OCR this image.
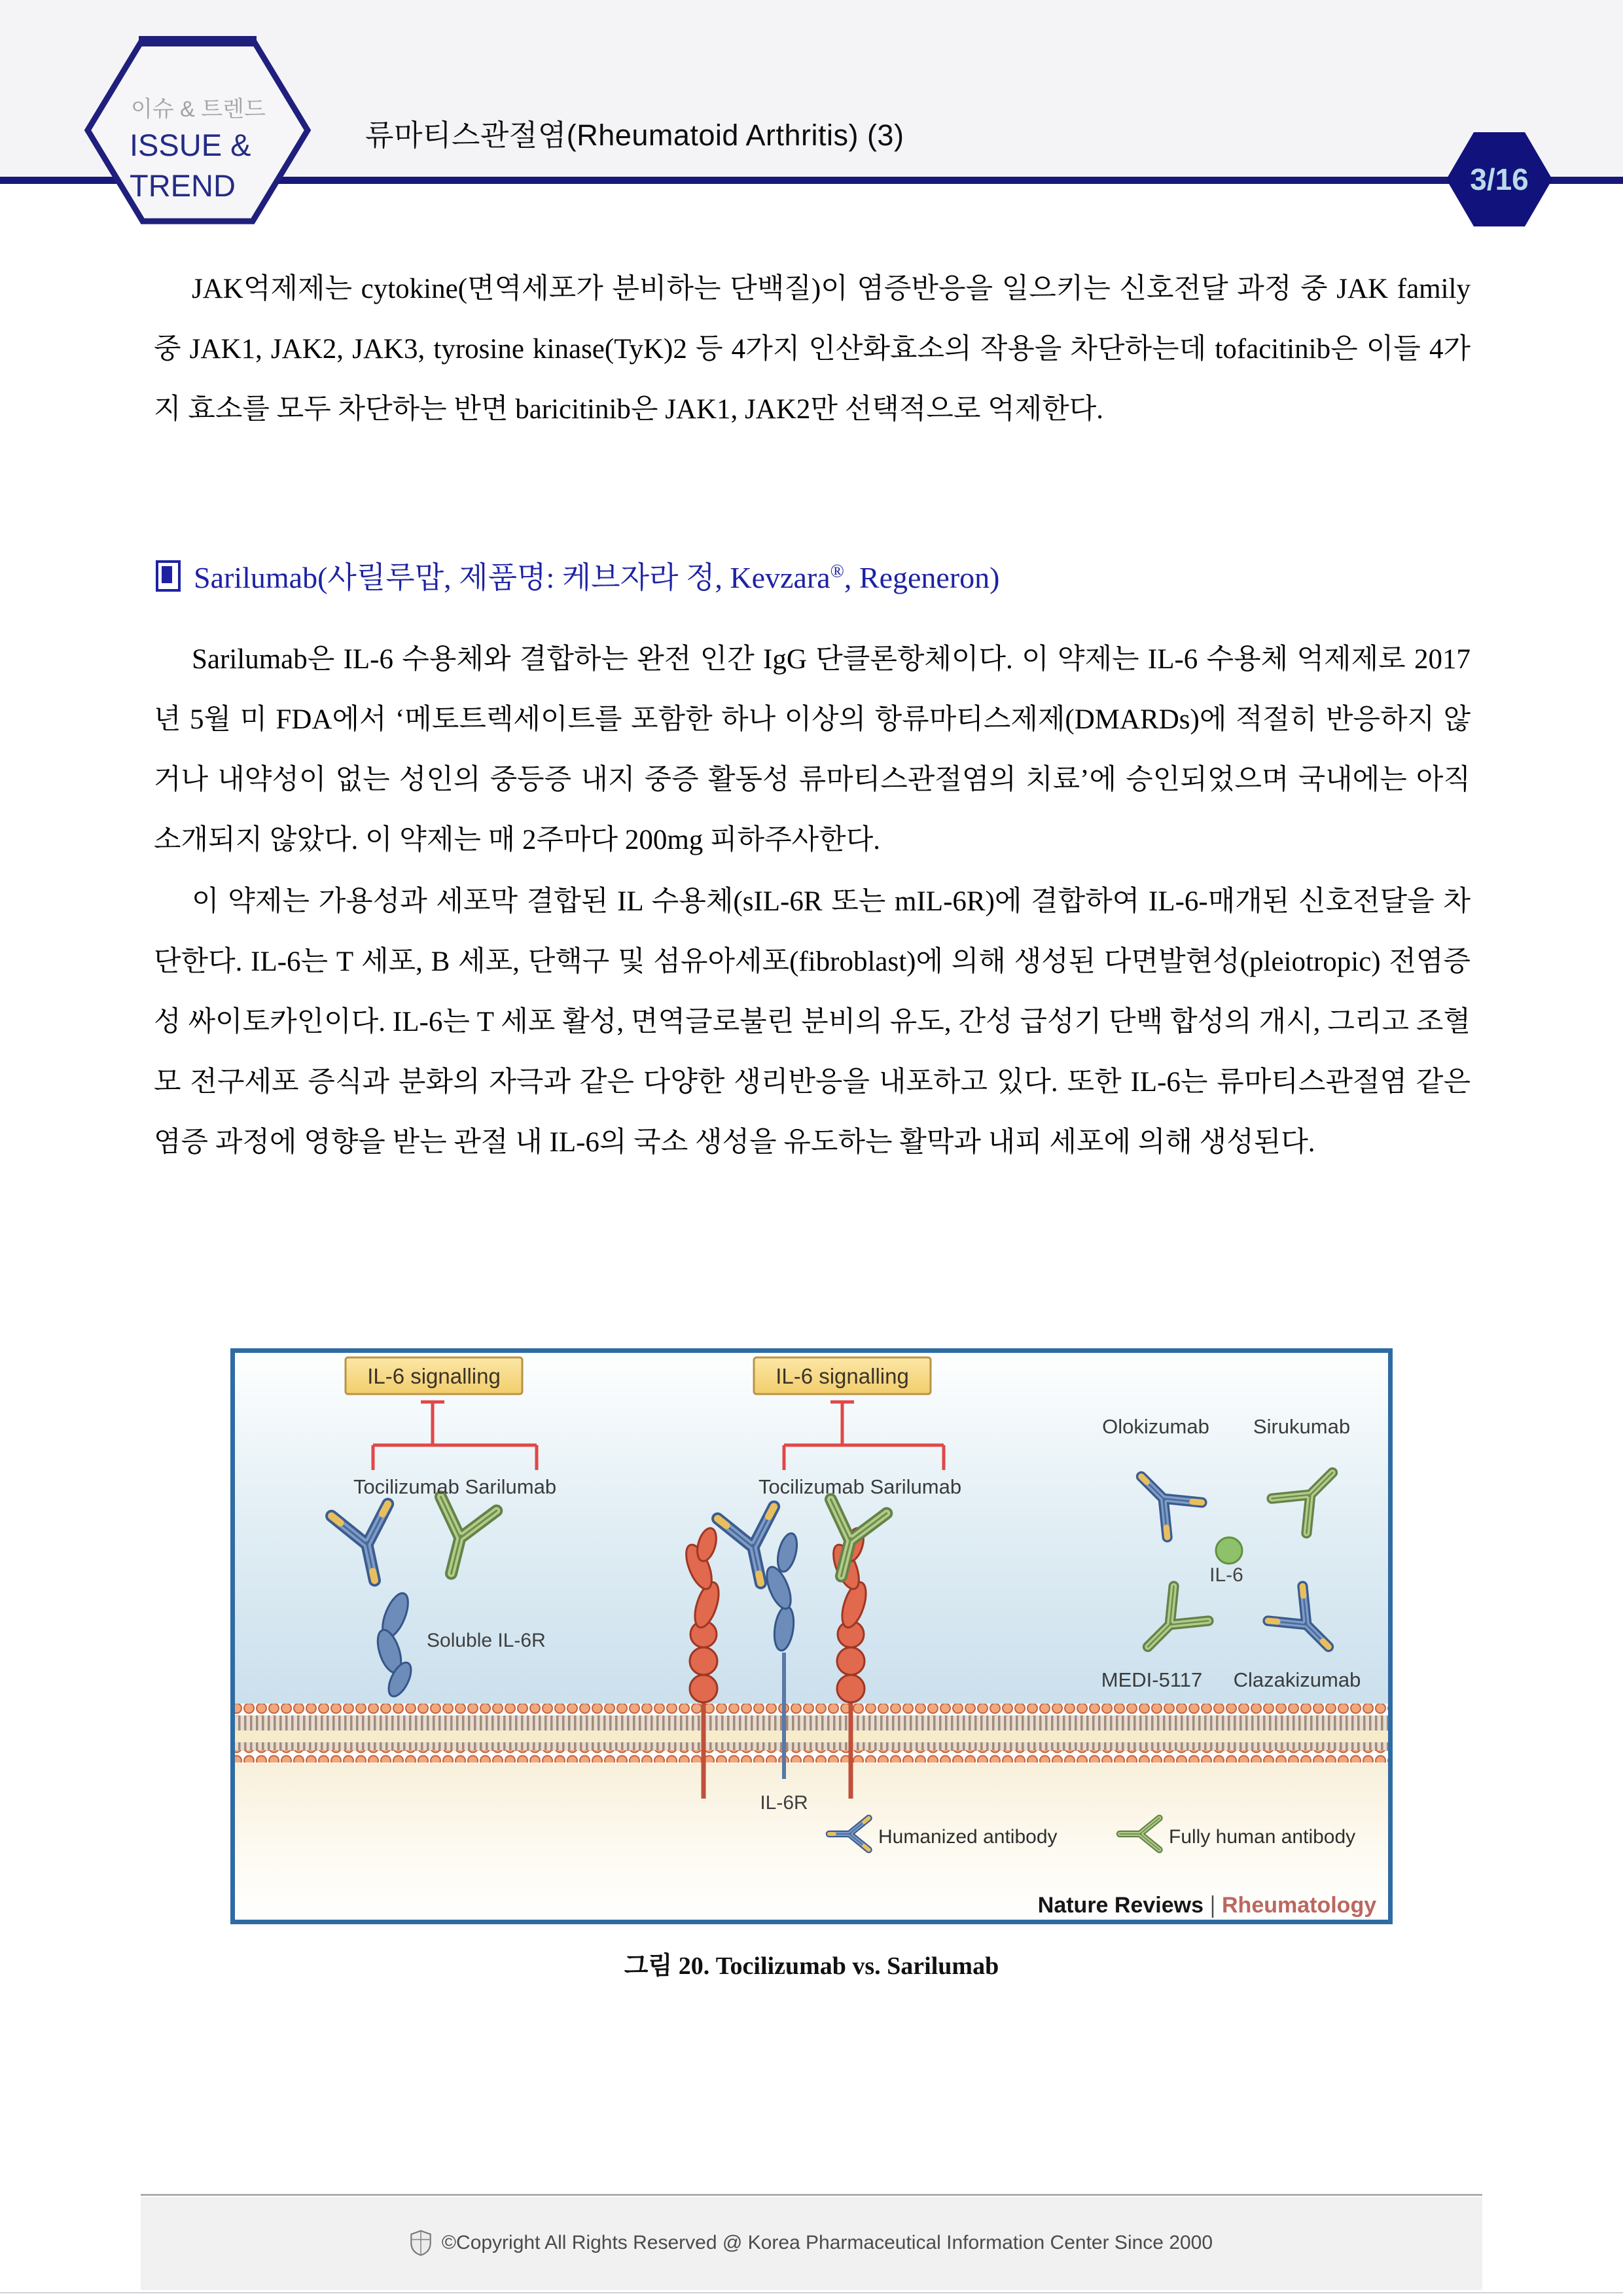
이슈 & 트렌드
ISSUE &
TREND
류마티스관절염(Rheumatoid Arthritis) (3)
3/16
JAK억제제는 cytokine(면역세포가 분비하는 단백질)이 염증반응을 일으키는 신호전달 과정 중 JAK family 중 JAK1, JAK2, JAK3, tyrosine kinase(TyK)2 등 4가지 인산화효소의 작용을 차단하는데 tofacitinib은 이들 4가지 효소를 모두 차단하는 반면 baricitinib은 JAK1, JAK2만 선택적으로 억제한다.
Sarilumab(사릴루맙, 제품명: 케브자라 정, Kevzara®, Regeneron)
Sarilumab은 IL-6 수용체와 결합하는 완전 인간 IgG 단클론항체이다. 이 약제는 IL-6 수용체 억제제로 2017년 5월 미 FDA에서 ‘메토트렉세이트를 포함한 하나 이상의 항류마티스제제(DMARDs)에 적절히 반응하지 않거나 내약성이 없는 성인의 중등증 내지 중증 활동성 류마티스관절염의 치료’에 승인되었으며 국내에는 아직 소개되지 않았다. 이 약제는 매 2주마다 200mg 피하주사한다.
이 약제는 가용성과 세포막 결합된 IL 수용체(sIL-6R 또는 mIL-6R)에 결합하여 IL-6-매개된 신호전달을 차단한다. IL-6는 T 세포, B 세포, 단핵구 및 섬유아세포(fibroblast)에 의해 생성된 다면발현성(pleiotropic) 전염증성 싸이토카인이다. IL-6는 T 세포 활성, 면역글로불린 분비의 유도, 간성 급성기 단백 합성의 개시, 그리고 조혈모 전구세포 증식과 분화의 자극과 같은 다양한 생리반응을 내포하고 있다. 또한 IL-6는 류마티스관절염 같은 염증 과정에 영향을 받는 관절 내 IL-6의 국소 생성을 유도하는 활막과 내피 세포에 의해 생성된다.
IL-6 signalling	IL-6 signalling
Tocilizumab Sarilumab	Tocilizumab Sarilumab
Olokizumab Sirukumab
IL-6
MEDI-5117 Clazakizumab
Soluble IL-6R
IL-6R
Humanized antibody	Fully human antibody
Nature Reviews Rheumatology
그림 20. Tocilizumab vs. Sarilumab
©Copyright All Rights Reserved @ Korea Pharmaceutical Information Center Since 2000
